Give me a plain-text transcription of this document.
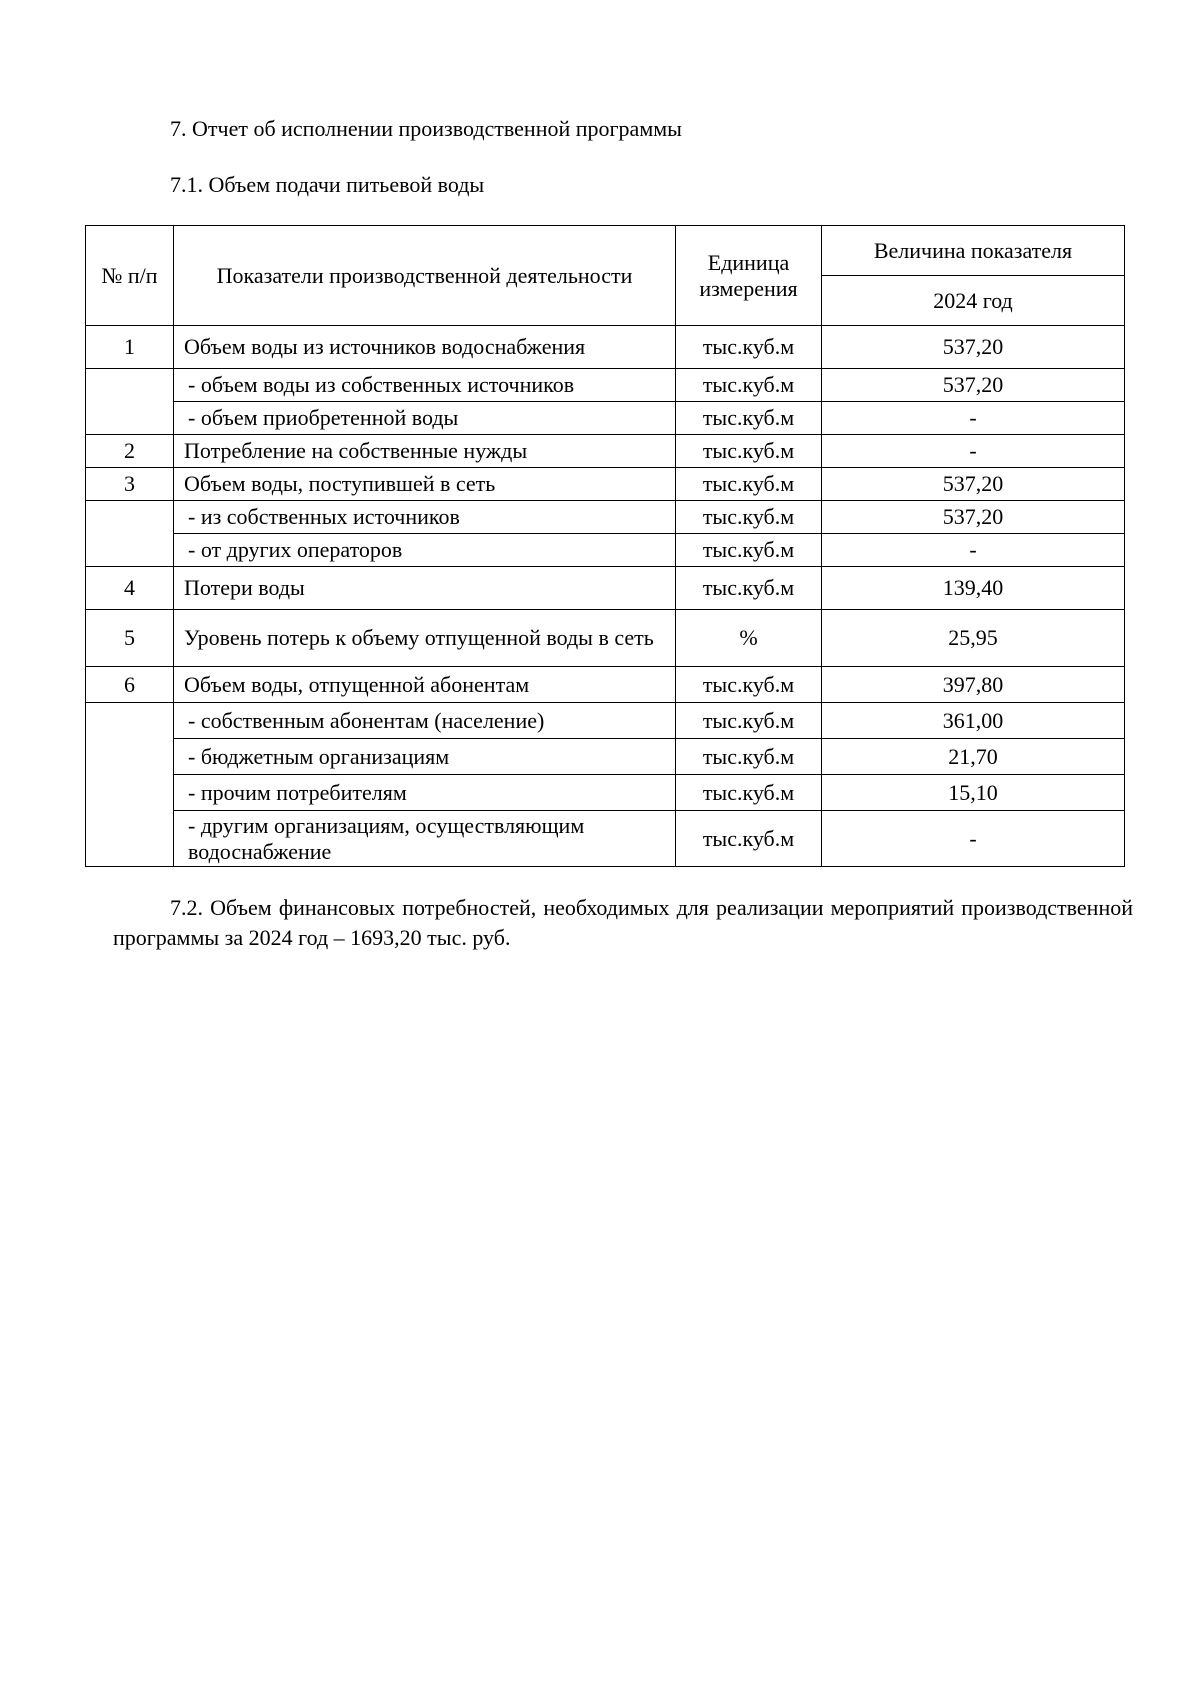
7. Отчет об исполнении производственной программы
7.1. Объем подачи питьевой воды
№ п/п	Показатели производственной деятельности	Единица измерения	Величина показателя
			2024 год
1	Объем воды из источников водоснабжения	тыс.куб.м	537,20
	- объем воды из собственных источников	тыс.куб.м	537,20
	- объем приобретенной воды	тыс.куб.м	-
2	Потребление на собственные нужды	тыс.куб.м	-
3	Объем воды, поступившей в сеть	тыс.куб.м	537,20
	- из собственных источников	тыс.куб.м	537,20
	- от других операторов	тыс.куб.м	-
4	Потери воды	тыс.куб.м	139,40
5	Уровень потерь к объему отпущенной воды в сеть	%	25,95
6	Объем воды, отпущенной абонентам	тыс.куб.м	397,80
	- собственным абонентам (население)	тыс.куб.м	361,00
	- бюджетным организациям	тыс.куб.м	21,70
	- прочим потребителям	тыс.куб.м	15,10
	- другим организациям, осуществляющим водоснабжение	тыс.куб.м	-

7.2. Объем финансовых потребностей, необходимых для реализации мероприятий производственной программы за 2024 год – 1693,20 тыс. руб.
